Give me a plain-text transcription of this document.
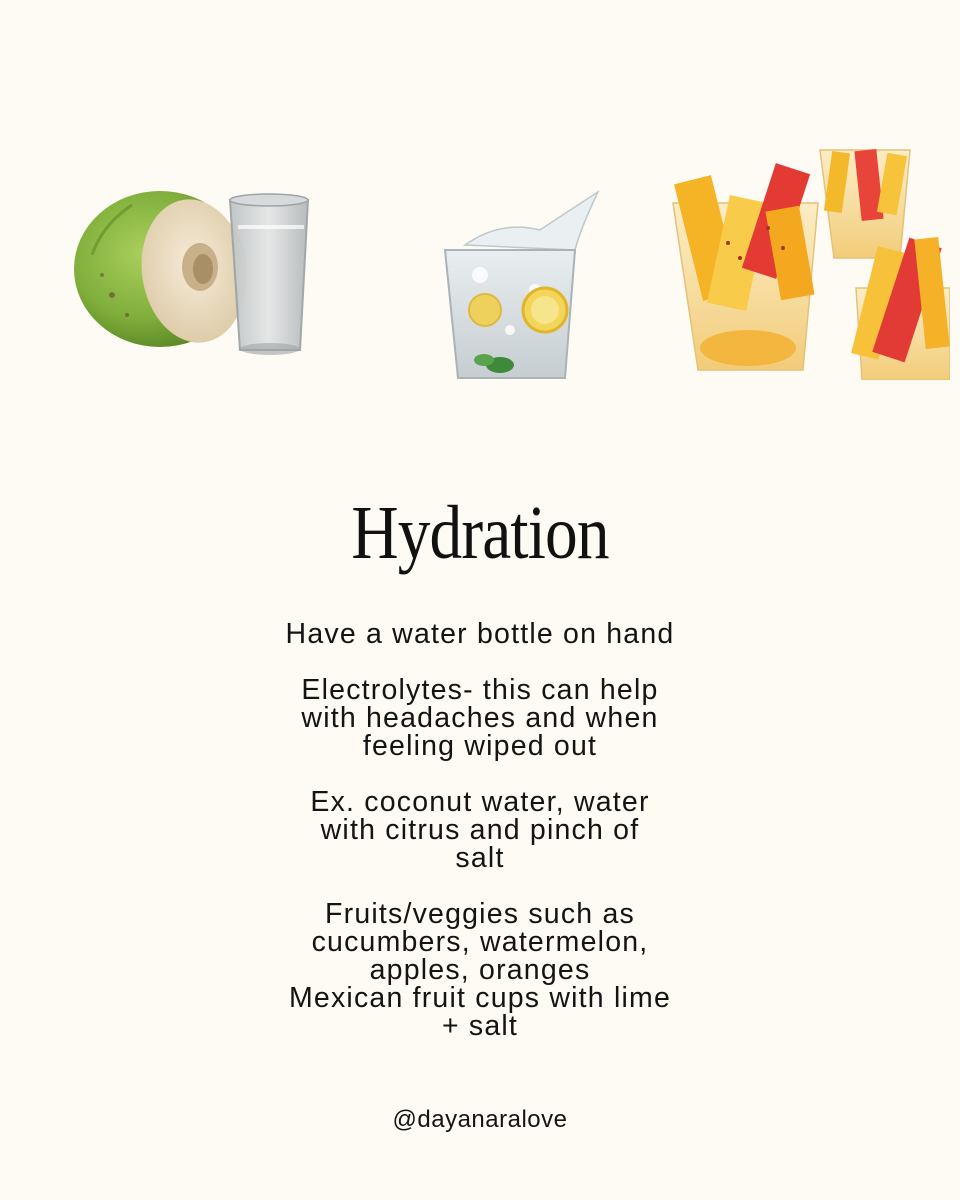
Hydration

Have a water bottle on hand

Electrolytes- this can help
with headaches and when
feeling wiped out

Ex. coconut water, water
with citrus and pinch of
salt

Fruits/veggies such as
cucumbers, watermelon,
apples, oranges
Mexican fruit cups with lime
+ salt

@dayanaralove
